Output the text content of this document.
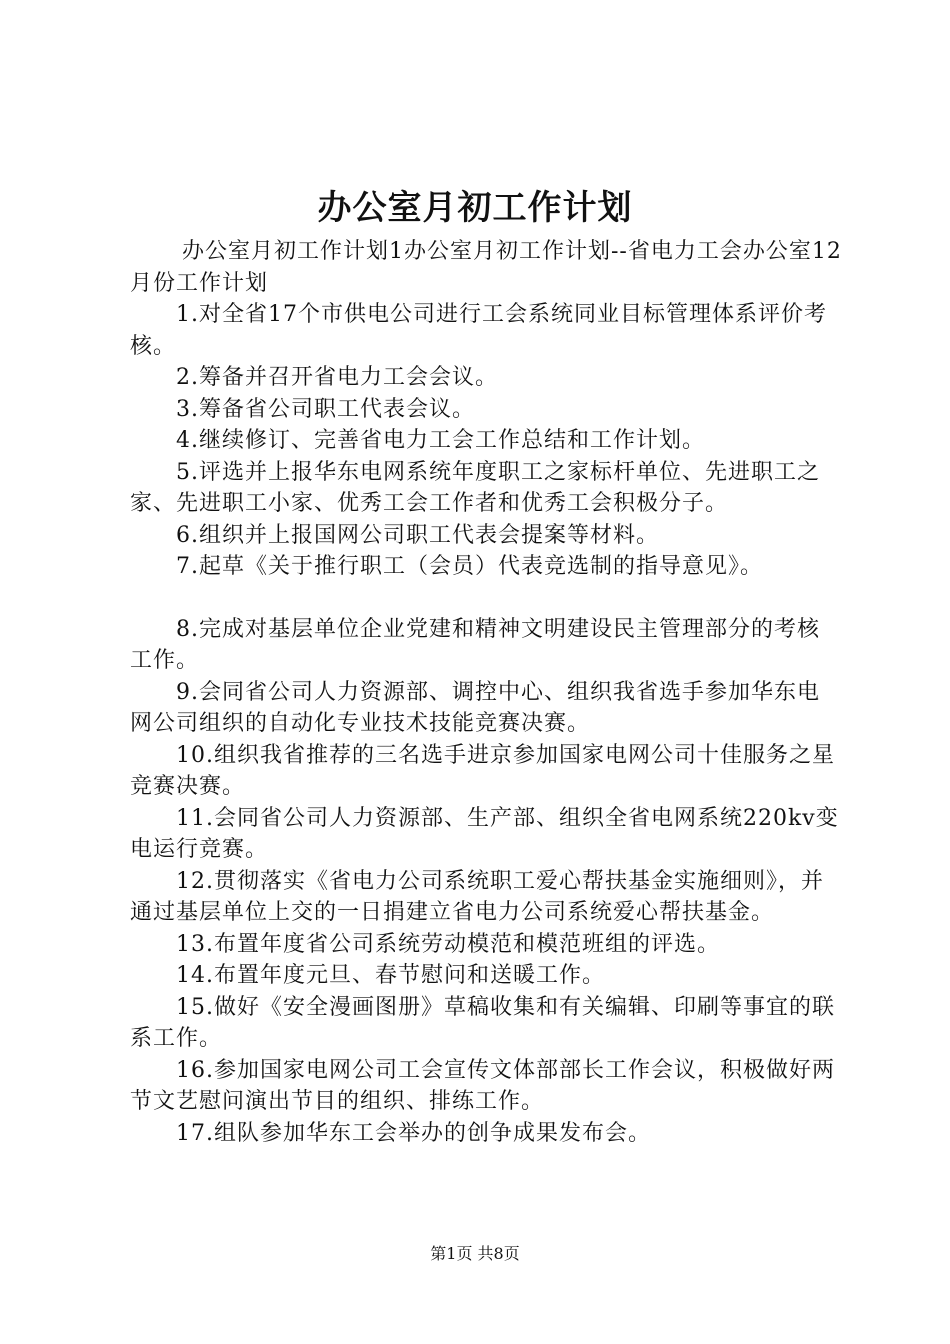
办公室月初工作计划

办公室月初工作计划1办公室月初工作计划--省电力工会办公室12月份工作计划

1.对全省17个市供电公司进行工会系统同业目标管理体系评价考核。

2.筹备并召开省电力工会会议。

3.筹备省公司职工代表会议。

4.继续修订、完善省电力工会工作总结和工作计划。

5.评选并上报华东电网系统年度职工之家标杆单位、先进职工之家、先进职工小家、优秀工会工作者和优秀工会积极分子。

6.组织并上报国网公司职工代表会提案等材料。

7.起草《关于推行职工（会员）代表竞选制的指导意见》。

8.完成对基层单位企业党建和精神文明建设民主管理部分的考核工作。

9.会同省公司人力资源部、调控中心、组织我省选手参加华东电网公司组织的自动化专业技术技能竞赛决赛。

10.组织我省推荐的三名选手进京参加国家电网公司十佳服务之星竞赛决赛。

11.会同省公司人力资源部、生产部、组织全省电网系统220kv变电运行竞赛。

12.贯彻落实《省电力公司系统职工爱心帮扶基金实施细则》，并通过基层单位上交的一日捐建立省电力公司系统爱心帮扶基金。

13.布置年度省公司系统劳动模范和模范班组的评选。

14.布置年度元旦、春节慰问和送暖工作。

15.做好《安全漫画图册》草稿收集和有关编辑、印刷等事宜的联系工作。

16.参加国家电网公司工会宣传文体部部长工作会议，积极做好两节文艺慰问演出节目的组织、排练工作。

17.组队参加华东工会举办的创争成果发布会。

第1页 共8页
